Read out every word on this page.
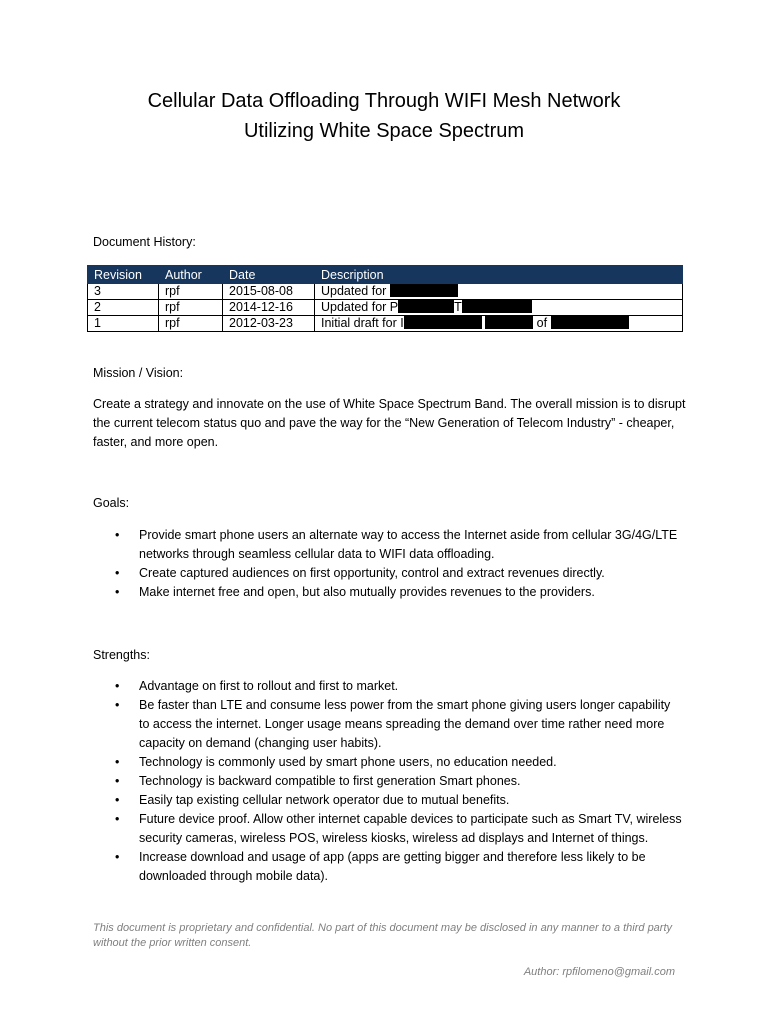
Cellular Data Offloading Through WIFI Mesh Network
Utilizing White Space Spectrum
Document History:
Revision	Author	Date	Description
3	rpf	2015-08-08	Updated for
2	rpf	2014-12-16	Updated for P T
1	rpf	2012-03-23	Initial draft for I of
Mission / Vision:
Create a strategy and innovate on the use of White Space Spectrum Band. The overall mission is to disrupt the current telecom status quo and pave the way for the “New Generation of Telecom Industry” - cheaper, faster, and more open.
Goals:
• Provide smart phone users an alternate way to access the Internet aside from cellular 3G/4G/LTE networks through seamless cellular data to WIFI data offloading.
• Create captured audiences on first opportunity, control and extract revenues directly.
• Make internet free and open, but also mutually provides revenues to the providers.
Strengths:
• Advantage on first to rollout and first to market.
• Be faster than LTE and consume less power from the smart phone giving users longer capability to access the internet. Longer usage means spreading the demand over time rather need more capacity on demand (changing user habits).
• Technology is commonly used by smart phone users, no education needed.
• Technology is backward compatible to first generation Smart phones.
• Easily tap existing cellular network operator due to mutual benefits.
• Future device proof. Allow other internet capable devices to participate such as Smart TV, wireless security cameras, wireless POS, wireless kiosks, wireless ad displays and Internet of things.
• Increase download and usage of app (apps are getting bigger and therefore less likely to be downloaded through mobile data).
This document is proprietary and confidential. No part of this document may be disclosed in any manner to a third party without the prior written consent.
Author: rpfilomeno@gmail.com
